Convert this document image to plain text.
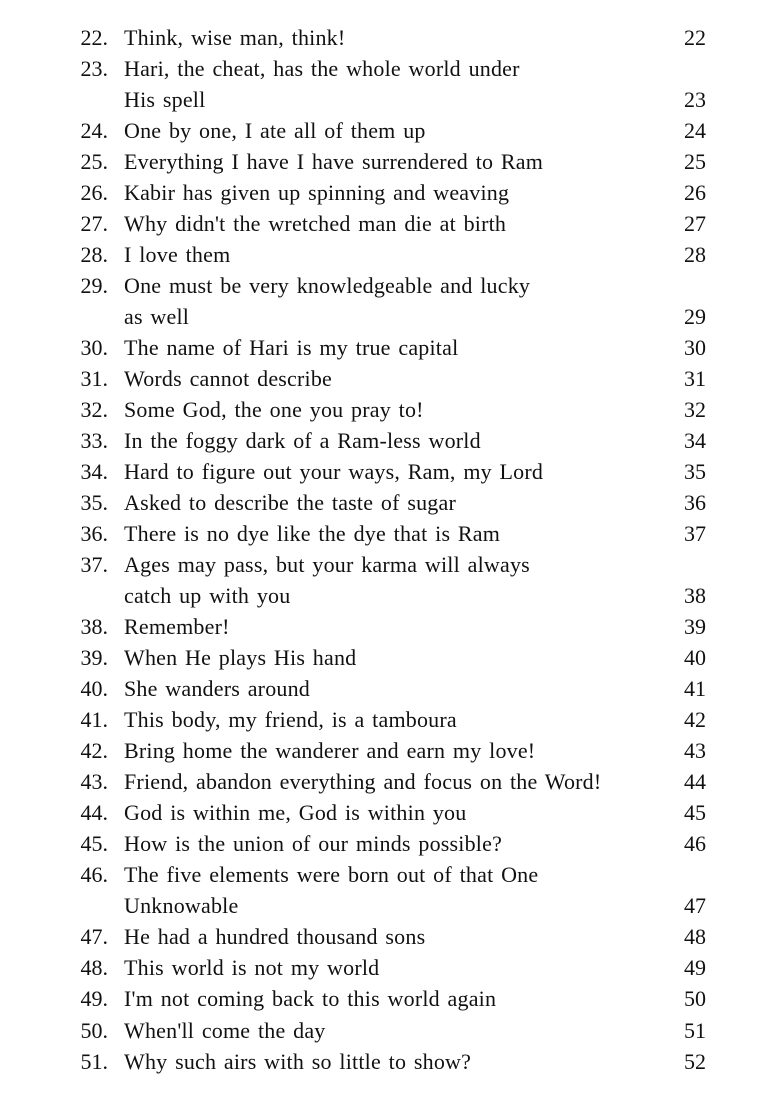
22. Think, wise man, think!	22
23. Hari, the cheat, has the whole world under
His spell	23
24. One by one, I ate all of them up	24
25. Everything I have I have surrendered to Ram	25
26. Kabir has given up spinning and weaving	26
27. Why didn't the wretched man die at birth	27
28. I love them	28
29. One must be very knowledgeable and lucky
as well	29
30. The name of Hari is my true capital	30
31. Words cannot describe	31
32. Some God, the one you pray to!	32
33. In the foggy dark of a Ram-less world	34
34. Hard to figure out your ways, Ram, my Lord	35
35. Asked to describe the taste of sugar	36
36. There is no dye like the dye that is Ram	37
37. Ages may pass, but your karma will always
catch up with you	38
38. Remember!	39
39. When He plays His hand	40
40. She wanders around	41
41. This body, my friend, is a tamboura	42
42. Bring home the wanderer and earn my love!	43
43. Friend, abandon everything and focus on the Word!	44
44. God is within me, God is within you	45
45. How is the union of our minds possible?	46
46. The five elements were born out of that One
Unknowable	47
47. He had a hundred thousand sons	48
48. This world is not my world	49
49. I'm not coming back to this world again	50
50. When'll come the day	51
51. Why such airs with so little to show?	52
